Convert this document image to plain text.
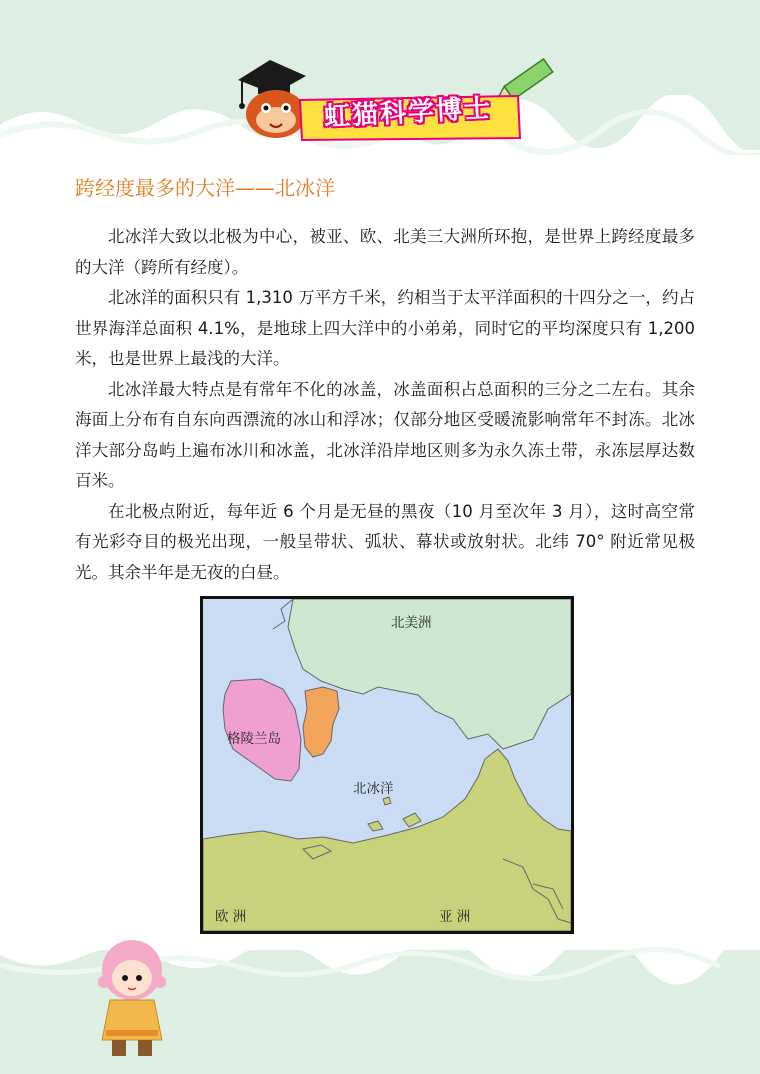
虹猫科学博士
跨经度最多的大洋——北冰洋

北冰洋大致以北极为中心，被亚、欧、北美三大洲所环抱，是世界上跨经度最多的大洋（跨所有经度）。

北冰洋的面积只有 1,310 万平方千米，约相当于太平洋面积的十四分之一，约占世界海洋总面积 4.1%，是地球上四大洋中的小弟弟，同时它的平均深度只有 1,200 米，也是世界上最浅的大洋。

北冰洋最大特点是有常年不化的冰盖，冰盖面积占总面积的三分之二左右。其余海面上分布有自东向西漂流的冰山和浮冰；仅部分地区受暖流影响常年不封冻。北冰洋大部分岛屿上遍布冰川和冰盖，北冰洋沿岸地区则多为永久冻土带，永冻层厚达数百米。

在北极点附近，每年近 6 个月是无昼的黑夜（10 月至次年 3 月），这时高空常有光彩夺目的极光出现，一般呈带状、弧状、幕状或放射状。北纬 70° 附近常见极光。其余半年是无夜的白昼。

北美洲
格陵兰岛
北冰洋
欧 洲	亚 洲
